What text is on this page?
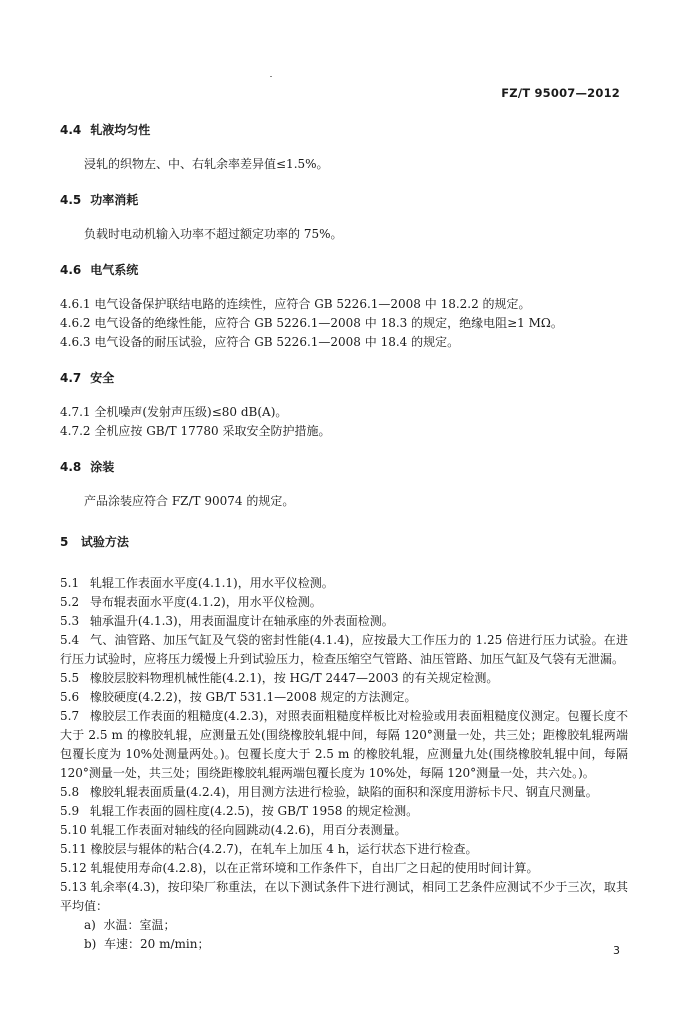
FZ/T 95007—2012

4.4 轧液均匀性

浸轧的织物左、中、右轧余率差异值≤1.5%。

4.5 功率消耗

负载时电动机输入功率不超过额定功率的 75%。

4.6 电气系统

4.6.1 电气设备保护联结电路的连续性，应符合 GB 5226.1—2008 中 18.2.2 的规定。

4.6.2 电气设备的绝缘性能，应符合 GB 5226.1—2008 中 18.3 的规定，绝缘电阻≥1 MΩ。

4.6.3 电气设备的耐压试验，应符合 GB 5226.1—2008 中 18.4 的规定。

4.7 安全

4.7.1 全机噪声(发射声压级)≤80 dB(A)。

4.7.2 全机应按 GB/T 17780 采取安全防护措施。

4.8 涂装

产品涂装应符合 FZ/T 90074 的规定。

5 试验方法

5.1 轧辊工作表面水平度(4.1.1)，用水平仪检测。

5.2 导布辊表面水平度(4.1.2)，用水平仪检测。

5.3 轴承温升(4.1.3)，用表面温度计在轴承座的外表面检测。

5.4 气、油管路、加压气缸及气袋的密封性能(4.1.4)，应按最大工作压力的 1.25 倍进行压力试验。在进行压力试验时，应将压力缓慢上升到试验压力，检查压缩空气管路、油压管路、加压气缸及气袋有无泄漏。

5.5 橡胶层胶料物理机械性能(4.2.1)，按 HG/T 2447—2003 的有关规定检测。

5.6 橡胶硬度(4.2.2)，按 GB/T 531.1—2008 规定的方法测定。

5.7 橡胶层工作表面的粗糙度(4.2.3)，对照表面粗糙度样板比对检验或用表面粗糙度仪测定。包覆长度不大于 2.5 m 的橡胶轧辊，应测量五处(围绕橡胶轧辊中间，每隔 120°测量一处，共三处；距橡胶轧辊两端包覆长度为 10%处测量两处。)。包覆长度大于 2.5 m 的橡胶轧辊，应测量九处(围绕橡胶轧辊中间，每隔 120°测量一处，共三处；围绕距橡胶轧辊两端包覆长度为 10%处，每隔 120°测量一处，共六处。)。

5.8 橡胶轧辊表面质量(4.2.4)，用目测方法进行检验，缺陷的面积和深度用游标卡尺、钢直尺测量。

5.9 轧辊工作表面的圆柱度(4.2.5)，按 GB/T 1958 的规定检测。

5.10 轧辊工作表面对轴线的径向圆跳动(4.2.6)，用百分表测量。

5.11 橡胶层与辊体的粘合(4.2.7)，在轧车上加压 4 h，运行状态下进行检查。

5.12 轧辊使用寿命(4.2.8)，以在正常环境和工作条件下，自出厂之日起的使用时间计算。

5.13 轧余率(4.3)，按印染厂称重法，在以下测试条件下进行测试，相同工艺条件应测试不少于三次，取其平均值：

a) 水温：室温；

b) 车速：20 m/min；	3
